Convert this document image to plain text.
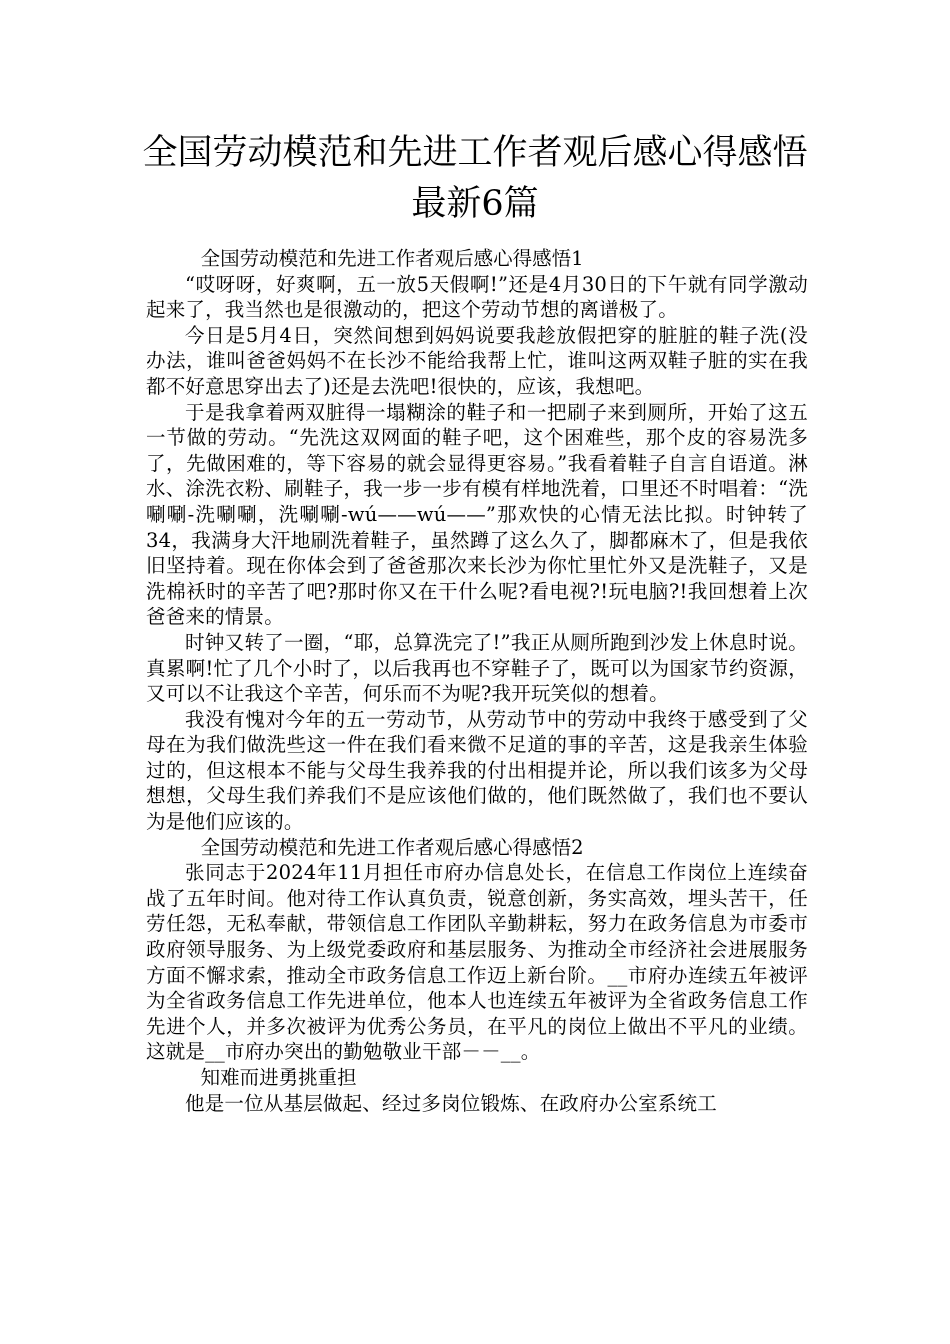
全国劳动模范和先进工作者观后感心得感悟最新6篇

全国劳动模范和先进工作者观后感心得感悟1

“哎呀呀，好爽啊，五一放5天假啊!”还是4月30日的下午就有同学激动起来了，我当然也是很激动的，把这个劳动节想的离谱极了。

今日是5月4日，突然间想到妈妈说要我趁放假把穿的脏脏的鞋子洗(没办法，谁叫爸爸妈妈不在长沙不能给我帮上忙，谁叫这两双鞋子脏的实在我都不好意思穿出去了)还是去洗吧!很快的，应该，我想吧。

于是我拿着两双脏得一塌糊涂的鞋子和一把刷子来到厕所，开始了这五一节做的劳动。“先洗这双网面的鞋子吧，这个困难些，那个皮的容易洗多了，先做困难的，等下容易的就会显得更容易。”我看着鞋子自言自语道。淋水、涂洗衣粉、刷鞋子，我一步一步有模有样地洗着，口里还不时唱着：“洗唰唰-洗唰唰，洗唰唰-wú——wú——”那欢快的心情无法比拟。时钟转了34，我满身大汗地刷洗着鞋子，虽然蹲了这么久了，脚都麻木了，但是我依旧坚持着。现在你体会到了爸爸那次来长沙为你忙里忙外又是洗鞋子，又是洗棉袄时的辛苦了吧?那时你又在干什么呢?看电视?!玩电脑?!我回想着上次爸爸来的情景。

时钟又转了一圈，“耶，总算洗完了!”我正从厕所跑到沙发上休息时说。真累啊!忙了几个小时了，以后我再也不穿鞋子了，既可以为国家节约资源，又可以不让我这个辛苦，何乐而不为呢?我开玩笑似的想着。

我没有愧对今年的五一劳动节，从劳动节中的劳动中我终于感受到了父母在为我们做洗些这一件在我们看来微不足道的事的辛苦，这是我亲生体验过的，但这根本不能与父母生我养我的付出相提并论，所以我们该多为父母想想，父母生我们养我们不是应该他们做的，他们既然做了，我们也不要认为是他们应该的。

全国劳动模范和先进工作者观后感心得感悟2

张同志于2024年11月担任市府办信息处长，在信息工作岗位上连续奋战了五年时间。他对待工作认真负责，锐意创新，务实高效，埋头苦干，任劳任怨，无私奉献，带领信息工作团队辛勤耕耘，努力在政务信息为市委市政府领导服务、为上级党委政府和基层服务、为推动全市经济社会进展服务方面不懈求索，推动全市政务信息工作迈上新台阶。__市府办连续五年被评为全省政务信息工作先进单位，他本人也连续五年被评为全省政务信息工作先进个人，并多次被评为优秀公务员，在平凡的岗位上做出不平凡的业绩。这就是__市府办突出的勤勉敬业干部－－__。

知难而进勇挑重担

他是一位从基层做起、经过多岗位锻炼、在政府办公室系统工
